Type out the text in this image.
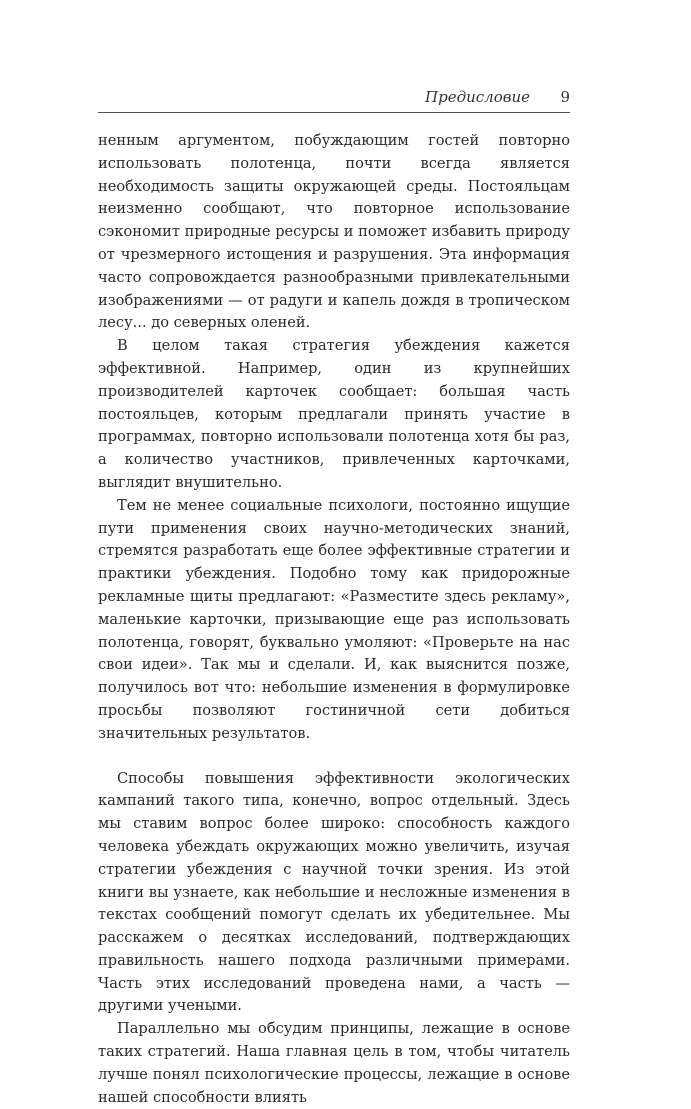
Предисловие 9

ненным аргументом, побуждающим гостей повторно использовать полотенца, почти всегда является необходимость защиты окружающей среды. Постояльцам неизменно сообщают, что повторное использование сэкономит природные ресурсы и поможет избавить природу от чрезмерного истощения и разрушения. Эта информация часто сопровождается разнообразными привлекательными изображениями — от радуги и капель дождя в тропическом лесу... до северных оленей.

В целом такая стратегия убеждения кажется эффективной. Например, один из крупнейших производителей карточек сообщает: большая часть постояльцев, которым предлагали принять участие в программах, повторно использовали полотенца хотя бы раз, а количество участников, привлеченных карточками, выглядит внушительно.

Тем не менее социальные психологи, постоянно ищущие пути применения своих научно-методических знаний, стремятся разработать еще более эффективные стратегии и практики убеждения. Подобно тому как придорожные рекламные щиты предлагают: «Разместите здесь рекламу», маленькие карточки, призывающие еще раз использовать полотенца, говорят, буквально умоляют: «Проверьте на нас свои идеи». Так мы и сделали. И, как выяснится позже, получилось вот что: небольшие изменения в формулировке просьбы позволяют гостиничной сети добиться значительных результатов.

Способы повышения эффективности экологических кампаний такого типа, конечно, вопрос отдельный. Здесь мы ставим вопрос более широко: способность каждого человека убеждать окружающих можно увеличить, изучая стратегии убеждения с научной точки зрения. Из этой книги вы узнаете, как небольшие и несложные изменения в текстах сообщений помогут сделать их убедительнее. Мы расскажем о десятках исследований, подтверждающих правильность нашего подхода различными примерами. Часть этих исследований проведена нами, а часть — другими учеными.

Параллельно мы обсудим принципы, лежащие в основе таких стратегий. Наша главная цель в том, чтобы читатель лучше понял психологические процессы, лежащие в основе нашей способности влиять
